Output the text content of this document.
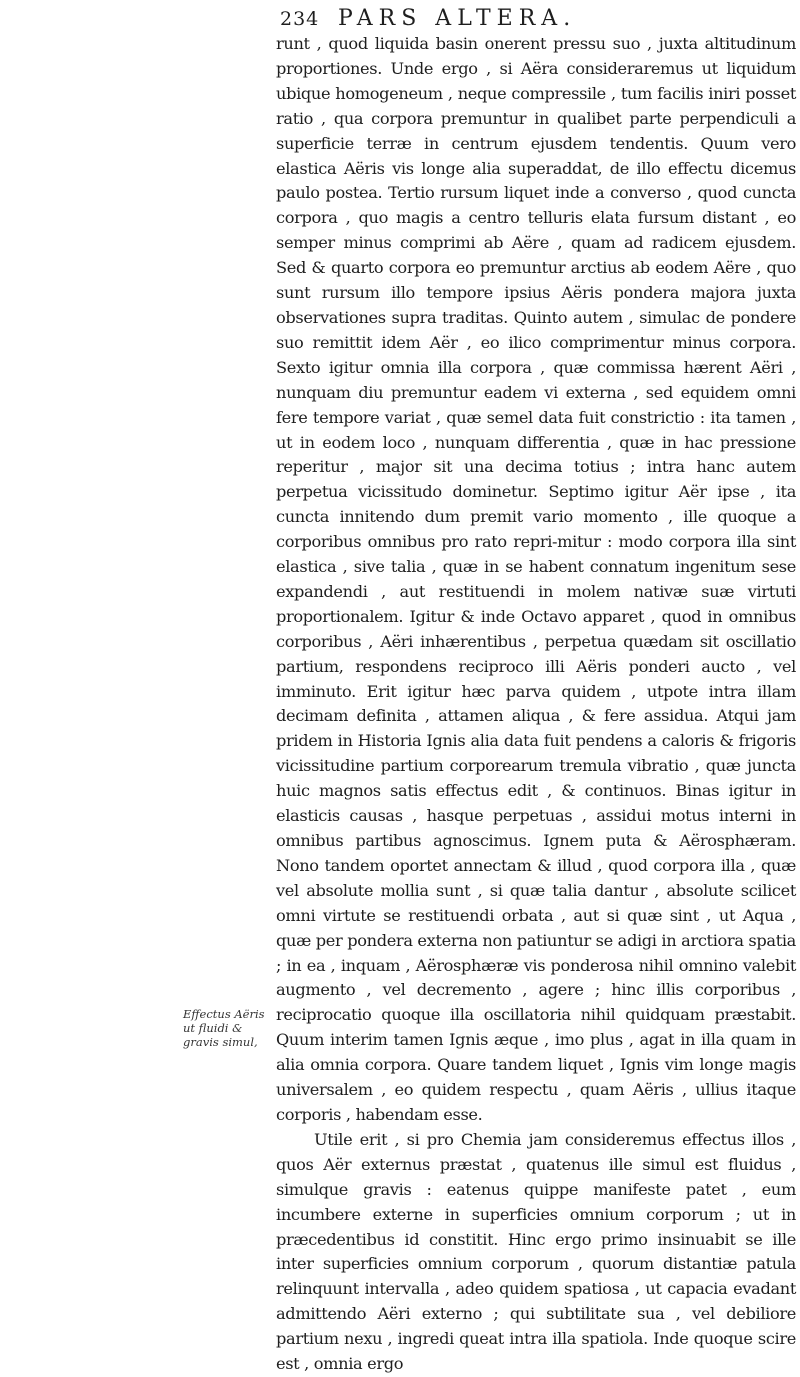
234 PARS ALTERA.
Effectus Aëris ut fluidi & gravis simul,

runt , quod liquida basin onerent pressu suo , juxta altitudinum proportiones. Unde ergo , si Aëra consideraremus ut liquidum ubique homogeneum , neque compressile , tum facilis iniri posset ratio , qua corpora premuntur in qualibet parte perpendiculi a superficie terræ in centrum ejusdem tendentis. Quum vero elastica Aëris vis longe alia superaddat, de illo effectu dicemus paulo postea. Tertio rursum liquet inde a converso , quod cuncta corpora , quo magis a centro telluris elata fursum distant , eo semper minus comprimi ab Aëre , quam ad radicem ejusdem. Sed & quarto corpora eo premuntur arctius ab eodem Aëre , quo sunt rursum illo tempore ipsius Aëris pondera majora juxta observationes supra traditas. Quinto autem , simulac de pondere suo remittit idem Aër , eo ilico comprimentur minus corpora. Sexto igitur omnia illa corpora , quæ commissa hærent Aëri , nunquam diu premuntur eadem vi externa , sed equidem omni fere tempore variat , quæ semel data fuit constrictio : ita tamen , ut in eodem loco , nunquam differentia , quæ in hac pressione reperitur , major sit una decima totius ; intra hanc autem perpetua vicissitudo dominetur. Septimo igitur Aër ipse , ita cuncta innitendo dum premit vario momento , ille quoque a corporibus omnibus pro rato repri-mitur : modo corpora illa sint elastica , sive talia , quæ in se habent connatum ingenitum sese expandendi , aut restituendi in molem nativæ suæ virtuti proportionalem. Igitur & inde Octavo apparet , quod in omnibus corporibus , Aëri inhærentibus , perpetua quædam sit oscillatio partium, respondens reciproco illi Aëris ponderi aucto , vel imminuto. Erit igitur hæc parva quidem , utpote intra illam decimam definita , attamen aliqua , & fere assidua. Atqui jam pridem in Historia Ignis alia data fuit pendens a caloris & frigoris vicissitudine partium corporearum tremula vibratio , quæ juncta huic magnos satis effectus edit , & continuos. Binas igitur in elasticis causas , hasque perpetuas , assidui motus interni in omnibus partibus agnoscimus. Ignem puta & Aërosphæram. Nono tandem oportet annectam & illud , quod corpora illa , quæ vel absolute mollia sunt , si quæ talia dantur , absolute scilicet omni virtute se restituendi orbata , aut si quæ sint , ut Aqua , quæ per pondera externa non patiuntur se adigi in arctiora spatia ; in ea , inquam , Aërosphæræ vis ponderosa nihil omnino valebit augmento , vel decremento , agere ; hinc illis corporibus , reciprocatio quoque illa oscillatoria nihil quidquam præstabit. Quum interim tamen Ignis æque , imo plus , agat in illa quam in alia omnia corpora. Quare tandem liquet , Ignis vim longe magis universalem , eo quidem respectu , quam Aëris , ullius itaque corporis , habendam esse.

Utile erit , si pro Chemia jam consideremus effectus illos , quos Aër externus præstat , quatenus ille simul est fluidus , simulque gravis : eatenus quippe manifeste patet , eum incumbere externe in superficies omnium corporum ; ut in præcedentibus id constitit. Hinc ergo primo insinuabit se ille inter superficies omnium corporum , quorum distantiæ patula relinquunt intervalla , adeo quidem spatiosa , ut capacia evadant admittendo Aëri externo ; qui subtilitate sua , vel debiliore partium nexu , ingredi queat intra illa spatiola. Inde quoque scire est , omnia ergo
